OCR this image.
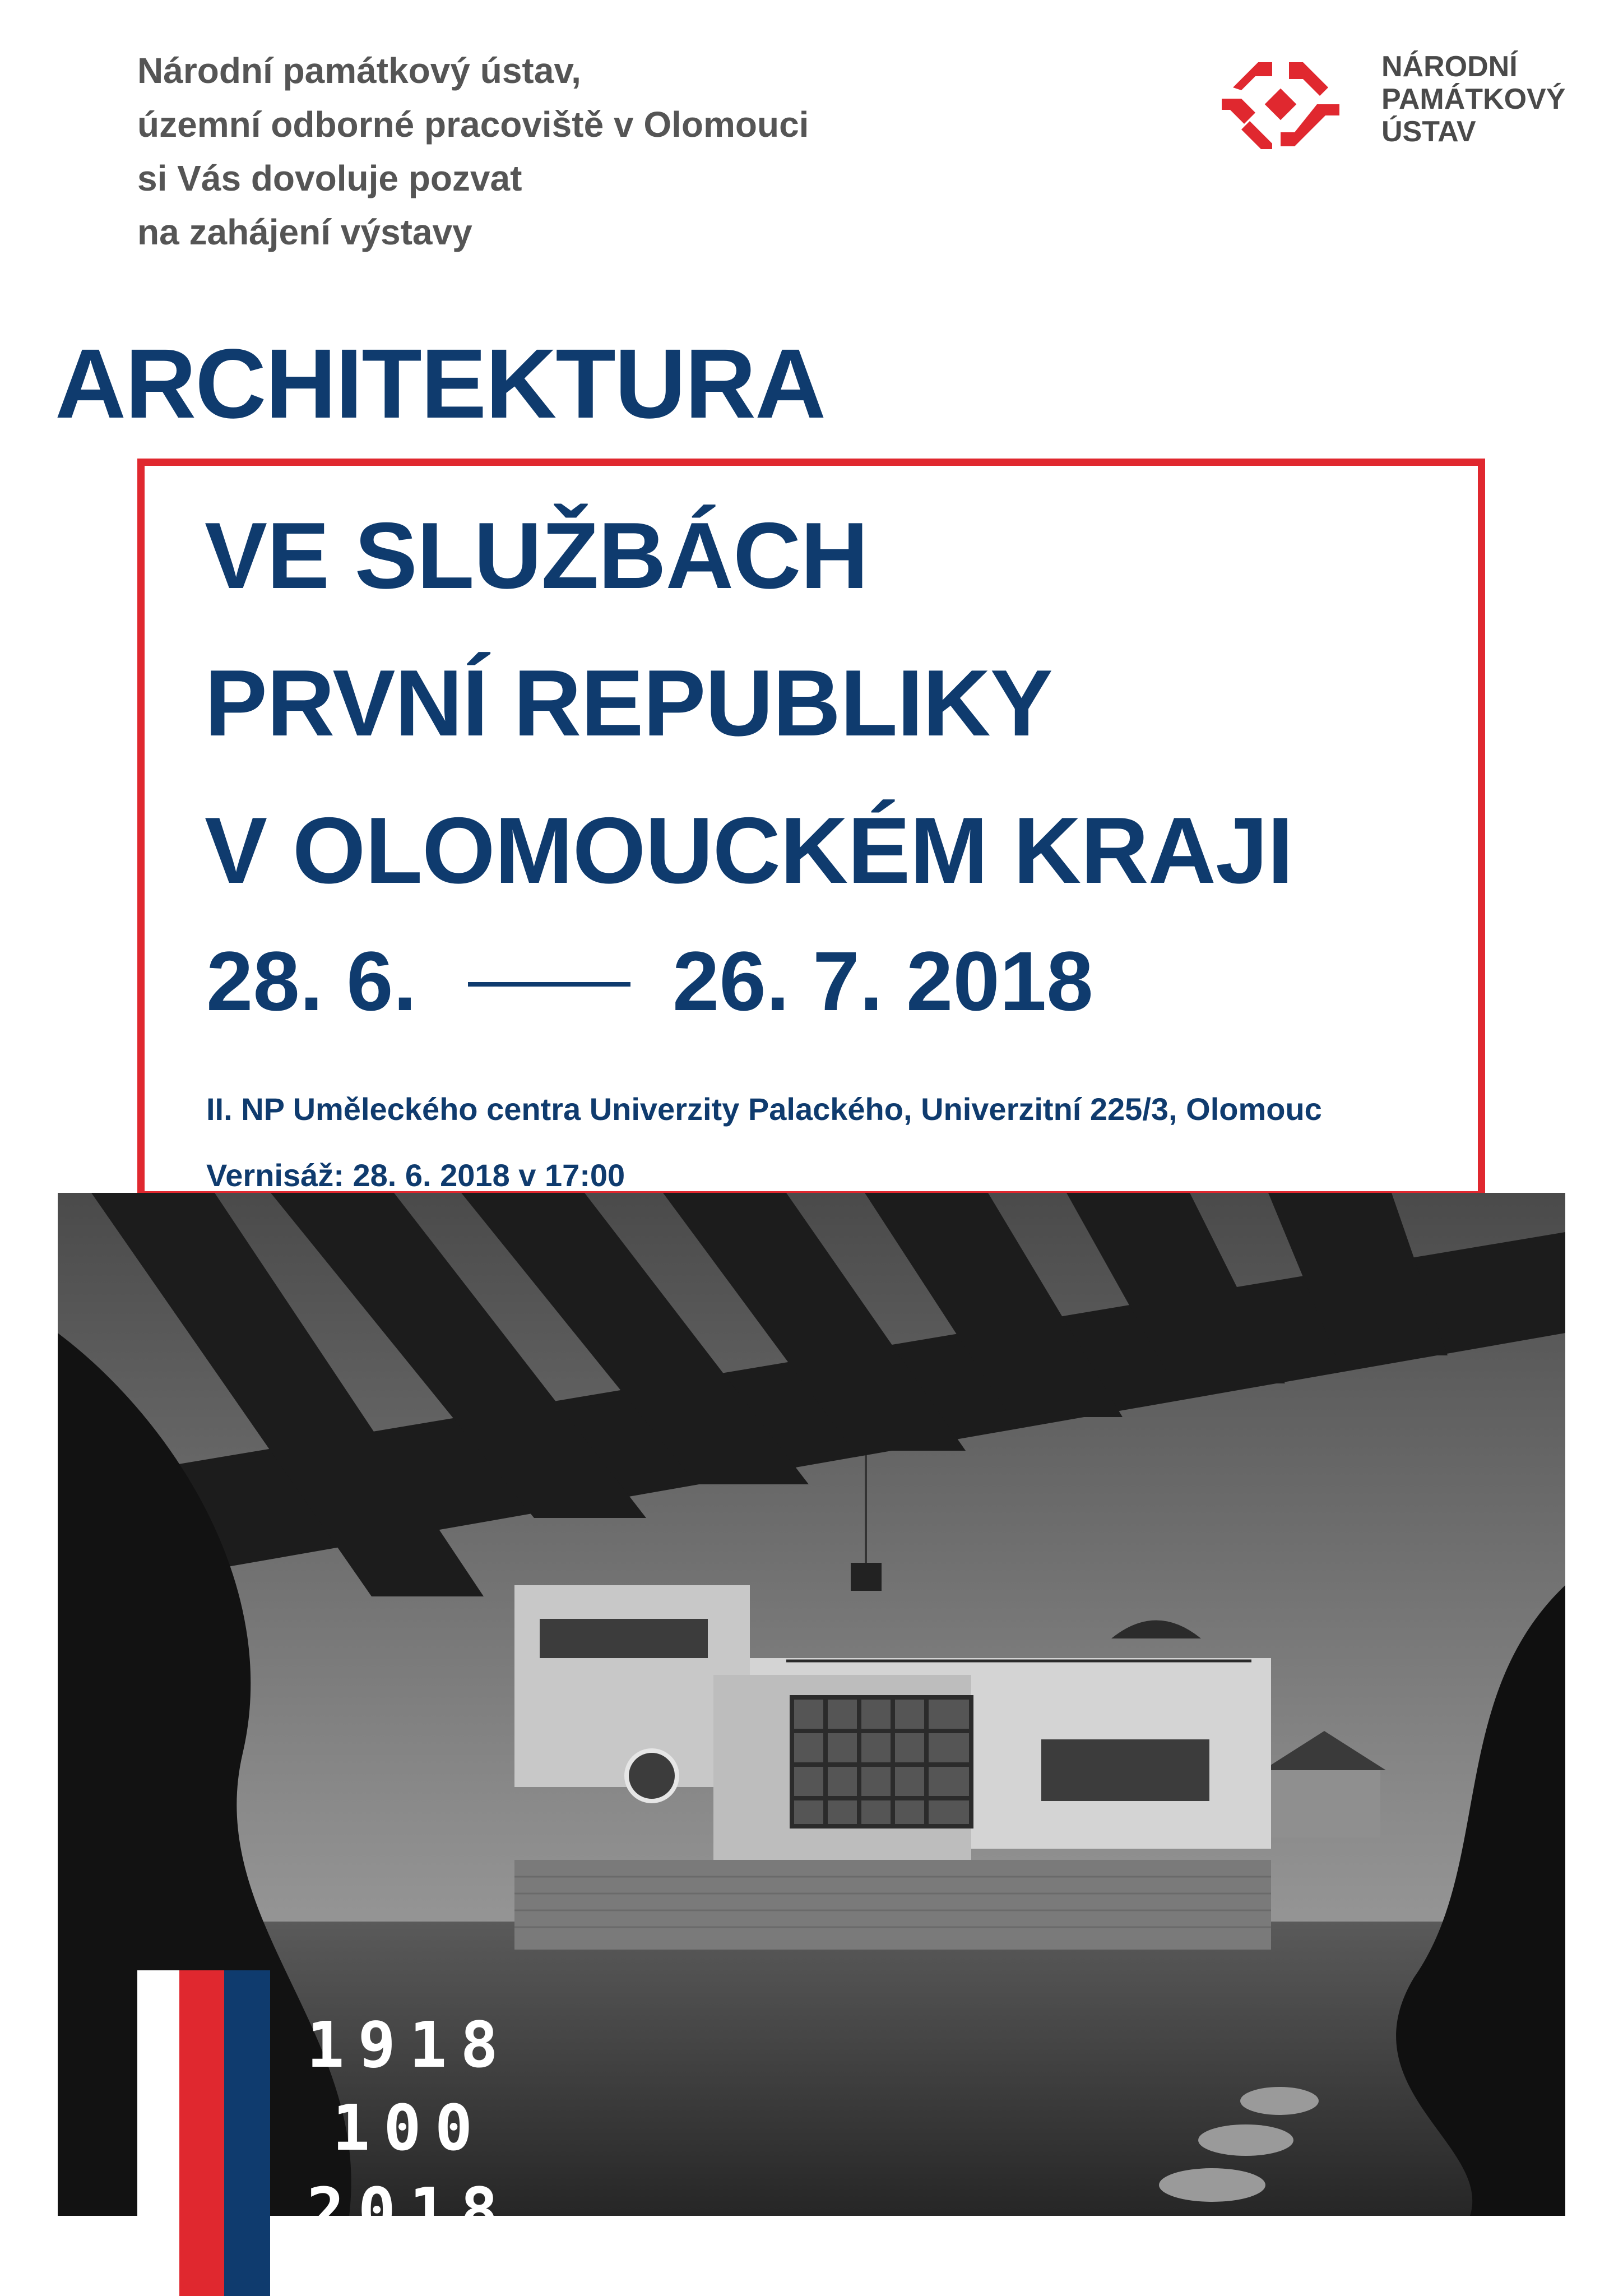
Národní památkový ústav,
územní odborné pracoviště v Olomouci
si Vás dovoluje pozvat
na zahájení výstavy
NÁRODNÍ
PAMÁTKOVÝ
ÚSTAV
ARCHITEKTURA
VE SLUŽBÁCH
PRVNÍ REPUBLIKY
V OLOMOUCKÉM KRAJI
28. 6.	26. 7. 2018
II. NP Uměleckého centra Univerzity Palackého, Univerzitní 225/3, Olomouc
Vernisáž: 28. 6. 2018 v 17:00
1918
100
2018
